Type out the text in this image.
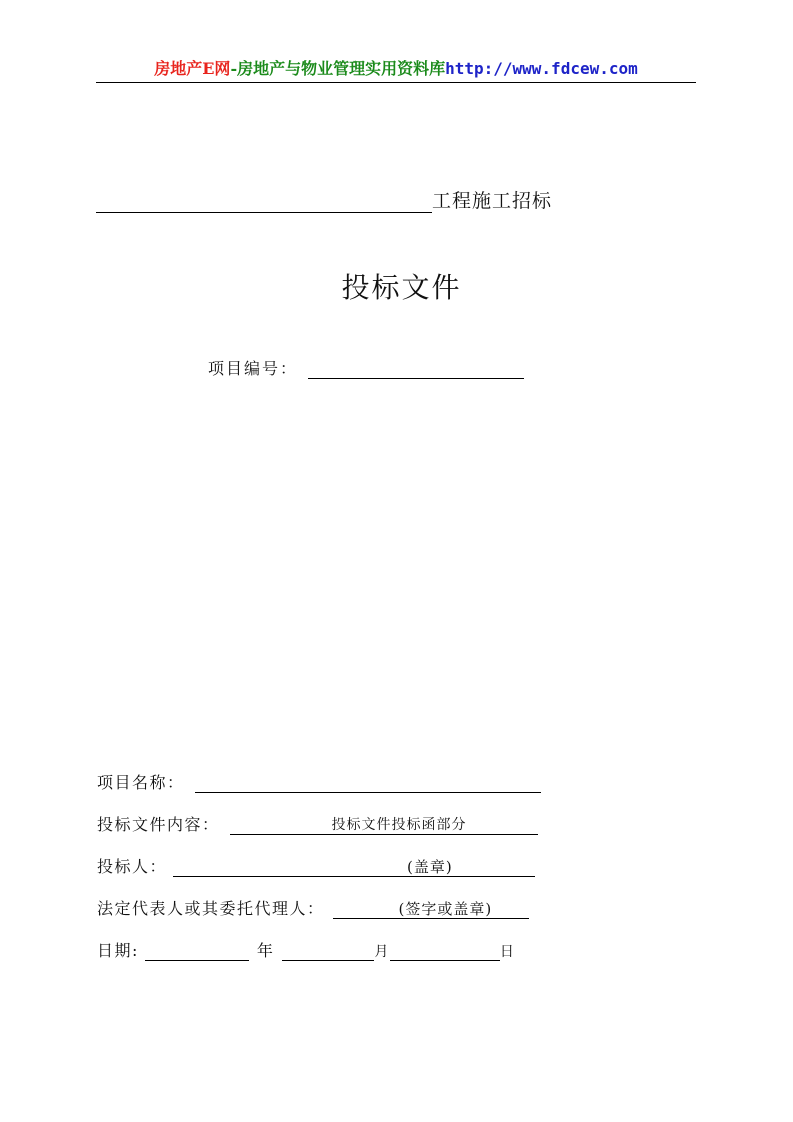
房地产E网-房地产与物业管理实用资料库http://www.fdcew.com
工程施工招标
投标文件
项目编号：
项目名称：
投标文件内容：	投标文件投标函部分
投标人：	(盖章)
法定代表人或其委托代理人：	(签字或盖章)
日期:	年	月	日
